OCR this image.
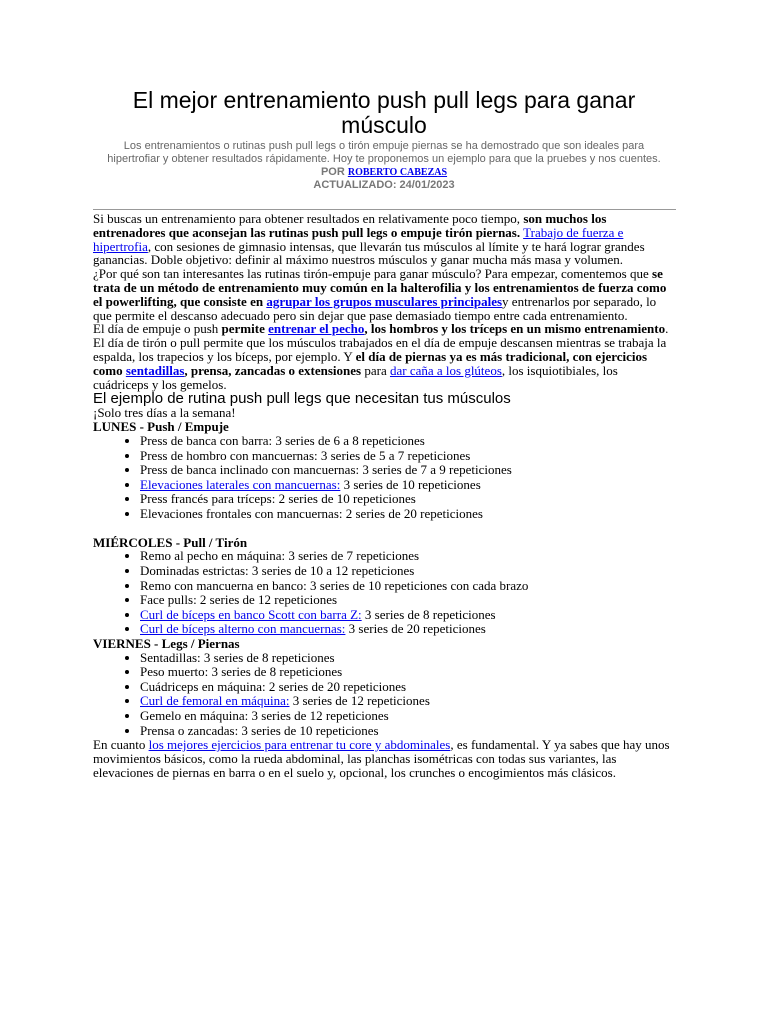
El mejor entrenamiento push pull legs para ganar músculo
Los entrenamientos o rutinas push pull legs o tirón empuje piernas se ha demostrado que son ideales para hipertrofiar y obtener resultados rápidamente. Hoy te proponemos un ejemplo para que la pruebes y nos cuentes.
POR ROBERTO CABEZAS
ACTUALIZADO: 24/01/2023

Si buscas un entrenamiento para obtener resultados en relativamente poco tiempo, son muchos los entrenadores que aconsejan las rutinas push pull legs o empuje tirón piernas. Trabajo de fuerza e hipertrofia, con sesiones de gimnasio intensas, que llevarán tus músculos al límite y te hará lograr grandes ganancias. Doble objetivo: definir al máximo nuestros músculos y ganar mucha más masa y volumen.

¿Por qué son tan interesantes las rutinas tirón-empuje para ganar músculo? Para empezar, comentemos que se trata de un método de entrenamiento muy común en la halterofilia y los entrenamientos de fuerza como el powerlifting, que consiste en agrupar los grupos musculares principalesy entrenarlos por separado, lo que permite el descanso adecuado pero sin dejar que pase demasiado tiempo entre cada entrenamiento.

El día de empuje o push permite entrenar el pecho, los hombros y los tríceps en un mismo entrenamiento. El día de tirón o pull permite que los músculos trabajados en el día de empuje descansen mientras se trabaja la espalda, los trapecios y los bíceps, por ejemplo. Y el día de piernas ya es más tradicional, con ejercicios como sentadillas, prensa, zancadas o extensiones para dar caña a los glúteos, los isquiotibiales, los cuádriceps y los gemelos.

El ejemplo de rutina push pull legs que necesitan tus músculos

¡Solo tres días a la semana!

LUNES - Push / Empuje

• Press de banca con barra: 3 series de 6 a 8 repeticiones
• Press de hombro con mancuernas: 3 series de 5 a 7 repeticiones
• Press de banca inclinado con mancuernas: 3 series de 7 a 9 repeticiones
• Elevaciones laterales con mancuernas: 3 series de 10 repeticiones
• Press francés para tríceps: 2 series de 10 repeticiones
• Elevaciones frontales con mancuernas: 2 series de 20 repeticiones

MIÉRCOLES - Pull / Tirón

• Remo al pecho en máquina: 3 series de 7 repeticiones
• Dominadas estrictas: 3 series de 10 a 12 repeticiones
• Remo con mancuerna en banco: 3 series de 10 repeticiones con cada brazo
• Face pulls: 2 series de 12 repeticiones
• Curl de bíceps en banco Scott con barra Z: 3 series de 8 repeticiones
• Curl de bíceps alterno con mancuernas: 3 series de 20 repeticiones

VIERNES - Legs / Piernas

• Sentadillas: 3 series de 8 repeticiones
• Peso muerto: 3 series de 8 repeticiones
• Cuádriceps en máquina: 2 series de 20 repeticiones
• Curl de femoral en máquina: 3 series de 12 repeticiones
• Gemelo en máquina: 3 series de 12 repeticiones
• Prensa o zancadas: 3 series de 10 repeticiones

En cuanto los mejores ejercicios para entrenar tu core y abdominales, es fundamental. Y ya sabes que hay unos movimientos básicos, como la rueda abdominal, las planchas isométricas con todas sus variantes, las elevaciones de piernas en barra o en el suelo y, opcional, los crunches o encogimientos más clásicos.
